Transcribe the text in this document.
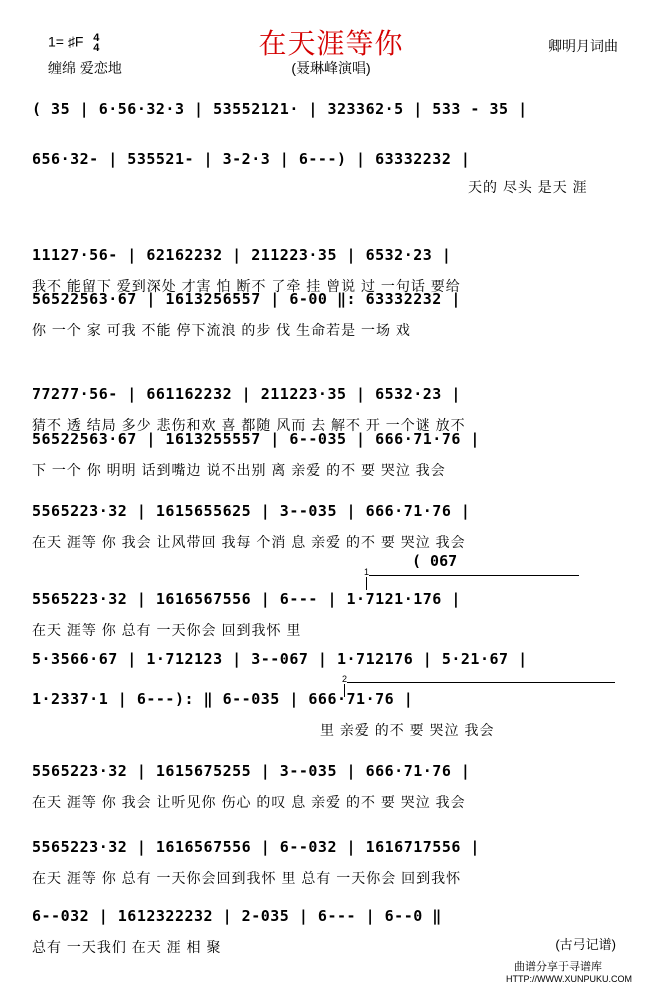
1= ♯F 4
4
缠绵 爱恋地
在天涯等你
(聂琳峰演唱)
卿明月词曲
( 35 | 6·56·32·3 | 53552121· | 323362·5 | 533 - 35 |
656·32- | 535521- | 3-2·3 | 6---) | 63332232 |
天的 尽头 是天 涯
11127·56- | 62162232 | 211223·35 | 6532·23 |
我不 能留下 爱到深处 才害 怕 断不 了牵 挂 曾说 过 一句话 要给
56522563·67 | 1613256557 | 6-00 ‖: 63332232 |
你 一个 家 可我 不能 停下流浪 的步 伐 生命若是 一场 戏
77277·56- | 661162232 | 211223·35 | 6532·23 |
猜不 透 结局 多少 悲伤和欢 喜 都随 风而 去 解不 开 一个谜 放不
56522563·67 | 1613255557 | 6--035 | 666·71·76 |
下 一个 你 明明 话到嘴边 说不出别 离 亲爱 的不 要 哭泣 我会
5565223·32 | 1615655625 | 3--035 | 666·71·76 |
在天 涯等 你 我会 让风带回 我每 个消 息 亲爱 的不 要 哭泣 我会
5565223·32 | 1616567556 | 6--- | 1·7121·176 |
在天 涯等 你 总有 一天你会 回到我怀 里
5·3566·67 | 1·712123 | 3--067 | 1·712176 | 5·21·67 |
1·2337·1 | 6---): ‖ 6--035 | 666·71·76 |
里 亲爱 的不 要 哭泣 我会
5565223·32 | 1615675255 | 3--035 | 666·71·76 |
在天 涯等 你 我会 让听见你 伤心 的叹 息 亲爱 的不 要 哭泣 我会
5565223·32 | 1616567556 | 6--032 | 1616717556 |
在天 涯等 你 总有 一天你会回到我怀 里 总有 一天你会 回到我怀
6--032 | 1612322232 | 2-035 | 6--- | 6--0 ‖
总有 一天我们 在天 涯 相 聚
( 067
1
2
(古弓记谱)
曲谱分享于寻谱库
HTTP://WWW.XUNPUKU.COM
